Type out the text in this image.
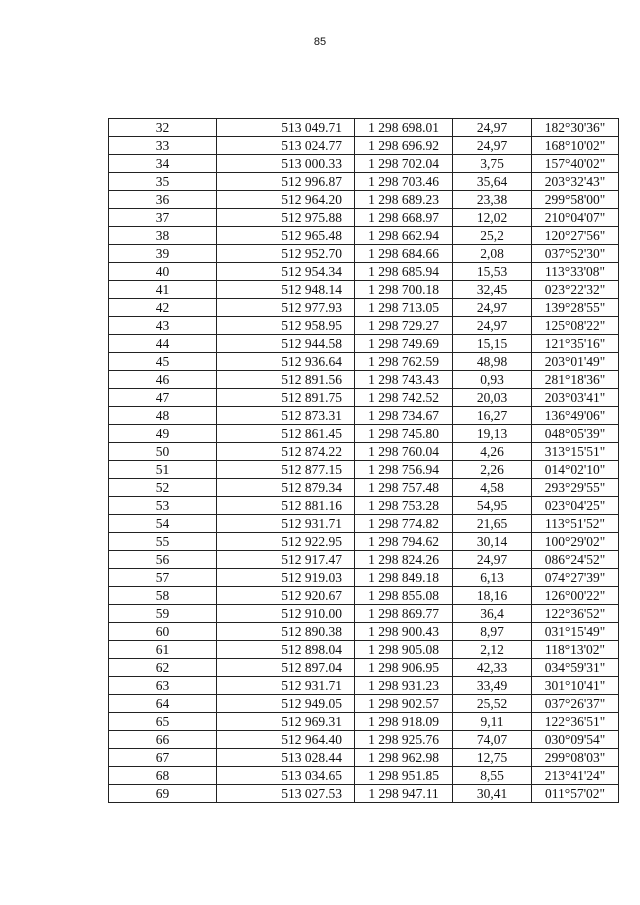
85
32	513 049.71	1 298 698.01	24,97	182°30'36"
33	513 024.77	1 298 696.92	24,97	168°10'02"
34	513 000.33	1 298 702.04	3,75	157°40'02"
35	512 996.87	1 298 703.46	35,64	203°32'43"
36	512 964.20	1 298 689.23	23,38	299°58'00"
37	512 975.88	1 298 668.97	12,02	210°04'07"
38	512 965.48	1 298 662.94	25,2	120°27'56"
39	512 952.70	1 298 684.66	2,08	037°52'30"
40	512 954.34	1 298 685.94	15,53	113°33'08"
41	512 948.14	1 298 700.18	32,45	023°22'32"
42	512 977.93	1 298 713.05	24,97	139°28'55"
43	512 958.95	1 298 729.27	24,97	125°08'22"
44	512 944.58	1 298 749.69	15,15	121°35'16"
45	512 936.64	1 298 762.59	48,98	203°01'49"
46	512 891.56	1 298 743.43	0,93	281°18'36"
47	512 891.75	1 298 742.52	20,03	203°03'41"
48	512 873.31	1 298 734.67	16,27	136°49'06"
49	512 861.45	1 298 745.80	19,13	048°05'39"
50	512 874.22	1 298 760.04	4,26	313°15'51"
51	512 877.15	1 298 756.94	2,26	014°02'10"
52	512 879.34	1 298 757.48	4,58	293°29'55"
53	512 881.16	1 298 753.28	54,95	023°04'25"
54	512 931.71	1 298 774.82	21,65	113°51'52"
55	512 922.95	1 298 794.62	30,14	100°29'02"
56	512 917.47	1 298 824.26	24,97	086°24'52"
57	512 919.03	1 298 849.18	6,13	074°27'39"
58	512 920.67	1 298 855.08	18,16	126°00'22"
59	512 910.00	1 298 869.77	36,4	122°36'52"
60	512 890.38	1 298 900.43	8,97	031°15'49"
61	512 898.04	1 298 905.08	2,12	118°13'02"
62	512 897.04	1 298 906.95	42,33	034°59'31"
63	512 931.71	1 298 931.23	33,49	301°10'41"
64	512 949.05	1 298 902.57	25,52	037°26'37"
65	512 969.31	1 298 918.09	9,11	122°36'51"
66	512 964.40	1 298 925.76	74,07	030°09'54"
67	513 028.44	1 298 962.98	12,75	299°08'03"
68	513 034.65	1 298 951.85	8,55	213°41'24"
69	513 027.53	1 298 947.11	30,41	011°57'02"
